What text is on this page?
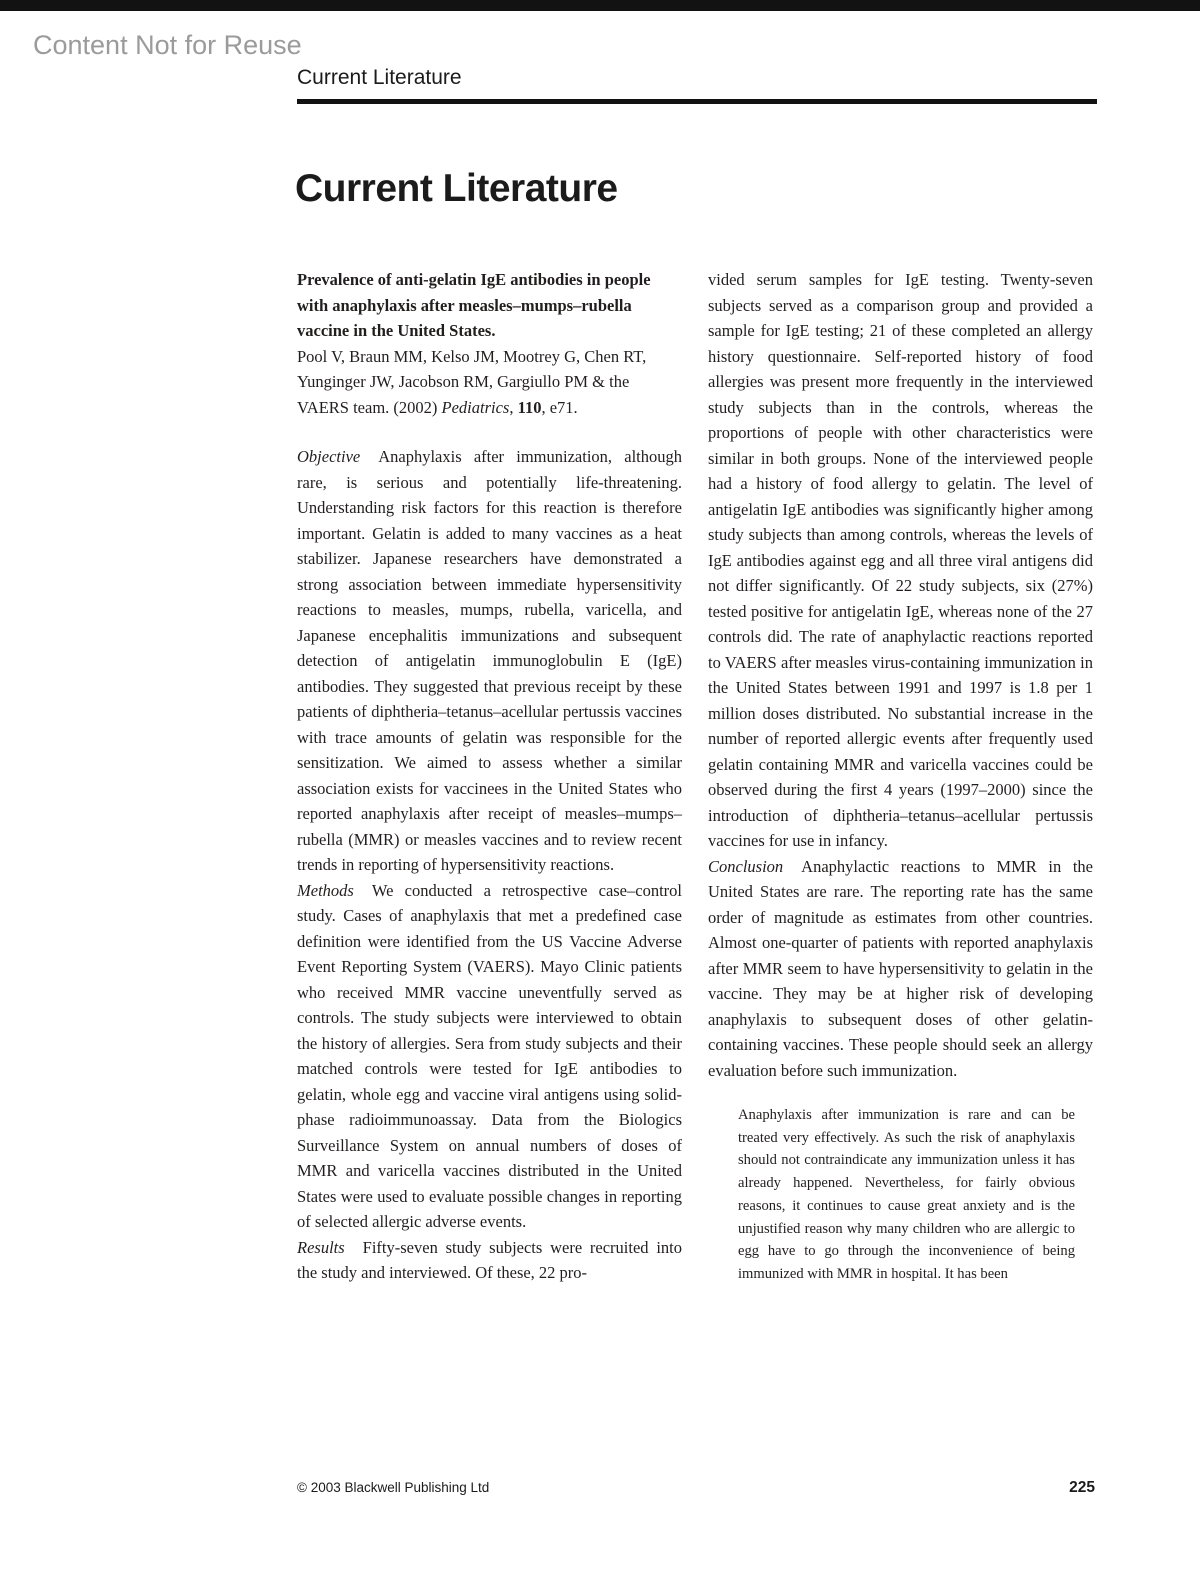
Content Not for Reuse
Current Literature
Current Literature

Prevalence of anti-gelatin IgE antibodies in people with anaphylaxis after measles–mumps–rubella vaccine in the United States.

Pool V, Braun MM, Kelso JM, Mootrey G, Chen RT, Yunginger JW, Jacobson RM, Gargiullo PM & the VAERS team. (2002) Pediatrics, 110, e71.

Objective Anaphylaxis after immunization, although rare, is serious and potentially life-threatening. Understanding risk factors for this reaction is therefore important. Gelatin is added to many vaccines as a heat stabilizer. Japanese researchers have demonstrated a strong association between immediate hypersensitivity reactions to measles, mumps, rubella, varicella, and Japanese encephalitis immunizations and subsequent detection of antigelatin immunoglobulin E (IgE) antibodies. They suggested that previous receipt by these patients of diphtheria–tetanus–acellular pertussis vaccines with trace amounts of gelatin was responsible for the sensitization. We aimed to assess whether a similar association exists for vaccinees in the United States who reported anaphylaxis after receipt of measles–mumps–rubella (MMR) or measles vaccines and to review recent trends in reporting of hypersensitivity reactions.

Methods We conducted a retrospective case–control study. Cases of anaphylaxis that met a predefined case definition were identified from the US Vaccine Adverse Event Reporting System (VAERS). Mayo Clinic patients who received MMR vaccine uneventfully served as controls. The study subjects were interviewed to obtain the history of allergies. Sera from study subjects and their matched controls were tested for IgE antibodies to gelatin, whole egg and vaccine viral antigens using solid-phase radioimmunoassay. Data from the Biologics Surveillance System on annual numbers of doses of MMR and varicella vaccines distributed in the United States were used to evaluate possible changes in reporting of selected allergic adverse events.

Results Fifty-seven study subjects were recruited into the study and interviewed. Of these, 22 pro-

vided serum samples for IgE testing. Twenty-seven subjects served as a comparison group and provided a sample for IgE testing; 21 of these completed an allergy history questionnaire. Self-reported history of food allergies was present more frequently in the interviewed study subjects than in the controls, whereas the proportions of people with other characteristics were similar in both groups. None of the interviewed people had a history of food allergy to gelatin. The level of antigelatin IgE antibodies was significantly higher among study subjects than among controls, whereas the levels of IgE antibodies against egg and all three viral antigens did not differ significantly. Of 22 study subjects, six (27%) tested positive for antigelatin IgE, whereas none of the 27 controls did. The rate of anaphylactic reactions reported to VAERS after measles virus-containing immunization in the United States between 1991 and 1997 is 1.8 per 1 million doses distributed. No substantial increase in the number of reported allergic events after frequently used gelatin containing MMR and varicella vaccines could be observed during the first 4 years (1997–2000) since the introduction of diphtheria–tetanus–acellular pertussis vaccines for use in infancy.

Conclusion Anaphylactic reactions to MMR in the United States are rare. The reporting rate has the same order of magnitude as estimates from other countries. Almost one-quarter of patients with reported anaphylaxis after MMR seem to have hypersensitivity to gelatin in the vaccine. They may be at higher risk of developing anaphylaxis to subsequent doses of other gelatin-containing vaccines. These people should seek an allergy evaluation before such immunization.

Anaphylaxis after immunization is rare and can be treated very effectively. As such the risk of anaphylaxis should not contraindicate any immunization unless it has already happened. Nevertheless, for fairly obvious reasons, it continues to cause great anxiety and is the unjustified reason why many children who are allergic to egg have to go through the inconvenience of being immunized with MMR in hospital. It has been

© 2003 Blackwell Publishing Ltd	225
